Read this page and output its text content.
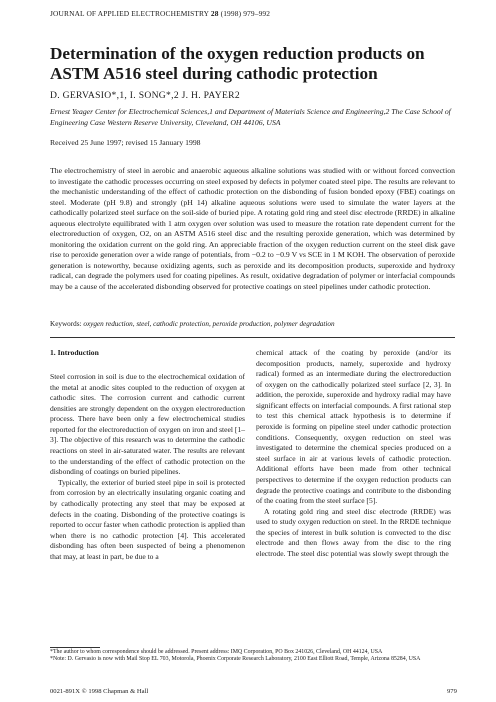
JOURNAL OF APPLIED ELECTROCHEMISTRY 28 (1998) 979–992
Determination of the oxygen reduction products on ASTM A516 steel during cathodic protection
D. GERVASIO*,1, I. SONG*,2 J. H. PAYER2
Ernest Yeager Center for Electrochemical Sciences,1 and Department of Materials Science and Engineering,2 The Case School of Engineering Case Western Reserve University, Cleveland, OH 44106, USA
Received 25 June 1997; revised 15 January 1998
The electrochemistry of steel in aerobic and anaerobic aqueous alkaline solutions was studied with or without forced convection to investigate the cathodic processes occurring on steel exposed by defects in polymer coated steel pipe. The results are relevant to the mechanistic understanding of the effect of cathodic protection on the disbonding of fusion bonded epoxy (FBE) coatings on steel. Moderate (pH 9.8) and strongly (pH 14) alkaline aqueous solutions were used to simulate the water layers at the cathodically polarized steel surface on the soil-side of buried pipe. A rotating gold ring and steel disc electrode (RRDE) in alkaline aqueous electrolyte equilibrated with 1 atm oxygen over solution was used to measure the rotation rate dependent current for the electroreduction of oxygen, O2, on an ASTM A516 steel disc and the resulting peroxide generation, which was determined by monitoring the oxidation current on the gold ring. An appreciable fraction of the oxygen reduction current on the steel disk gave rise to peroxide generation over a wide range of potentials, from −0.2 to −0.9 V vs SCE in 1 M KOH. The observation of peroxide generation is noteworthy, because oxidizing agents, such as peroxide and its decomposition products, superoxide and hydroxy radical, can degrade the polymers used for coating pipelines. As result, oxidative degradation of polymer or interfacial compounds may be a cause of the accelerated disbonding observed for protective coatings on steel pipelines under cathodic protection.
Keywords: oxygen reduction, steel, cathodic protection, peroxide production, polymer degradation
1. Introduction

Steel corrosion in soil is due to the electrochemical oxidation of the metal at anodic sites coupled to the reduction of oxygen at cathodic sites. The corrosion current and cathodic current densities are strongly dependent on the oxygen electroreduction process. There have been only a few electrochemical studies reported for the electroreduction of oxygen on iron and steel [1–3]. The objective of this research was to determine the cathodic reactions on steel in air-saturated water. The results are relevant to the understanding of the effect of cathodic protection on the disbonding of coatings on buried pipelines.

Typically, the exterior of buried steel pipe in soil is protected from corrosion by an electrically insulating organic coating and by cathodically protecting any steel that may be exposed at defects in the coating. Disbonding of the protective coatings is reported to occur faster when cathodic protection is applied than when there is no cathodic protection [4]. This accelerated disbonding has often been suspected of being a phenomenon that may, at least in part, be due to a

chemical attack of the coating by peroxide (and/or its decomposition products, namely, superoxide and hydroxy radical) formed as an intermediate during the electroreduction of oxygen on the cathodically polarized steel surface [2, 3]. In addition, the peroxide, superoxide and hydroxy radial may have significant effects on interfacial compounds. A first rational step to test this chemical attack hypothesis is to determine if peroxide is forming on pipeline steel under cathodic protection conditions. Consequently, oxygen reduction on steel was investigated to determine the chemical species produced on a steel surface in air at various levels of cathodic protection. Additional efforts have been made from other technical perspectives to determine if the oxygen reduction products can degrade the protective coatings and contribute to the disbonding of the coating from the steel surface [5].

A rotating gold ring and steel disc electrode (RRDE) was used to study oxygen reduction on steel. In the RRDE technique the species of interest in bulk solution is convected to the disc electrode and then flows away from the disc to the ring electrode. The steel disc potential was slowly swept through the

*The author to whom correspondence should be addressed. Present address: IMQ Corporation, PO Box 241026, Cleveland, OH 44124, USA
*Note: D. Gervasio is now with Mail Stop EL 703, Motorola, Phoenix Corporate Research Laboratory, 2100 East Elliott Road, Temple, Arizona 85284, USA
0021-891X © 1998 Chapman & Hall	979
